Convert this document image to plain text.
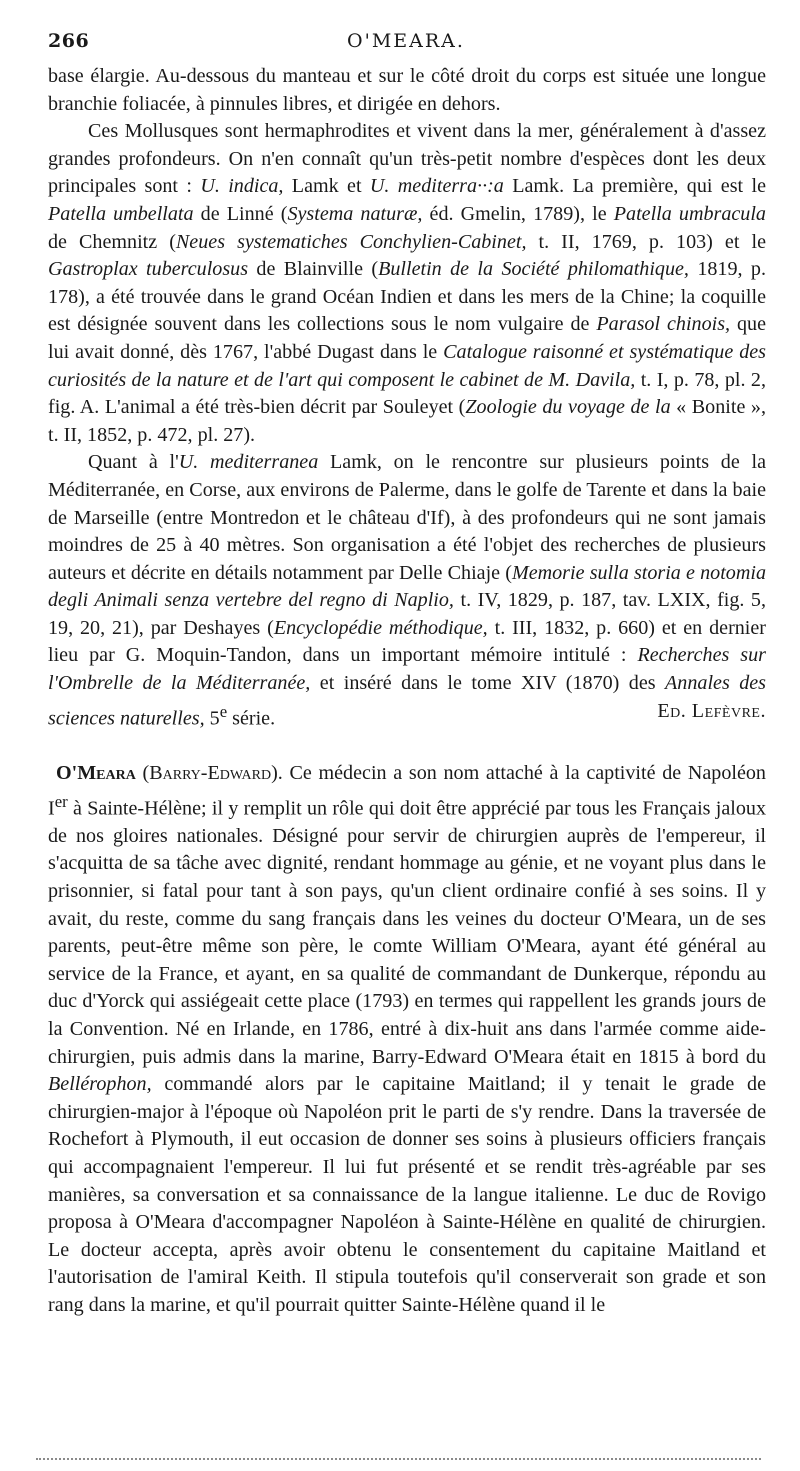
266	O'MEARA.

base élargie. Au-dessous du manteau et sur le côté droit du corps est située une longue branchie foliacée, à pinnules libres, et dirigée en dehors.

Ces Mollusques sont hermaphrodites et vivent dans la mer, généralement à d'assez grandes profondeurs. On n'en connaît qu'un très-petit nombre d'espèces dont les deux principales sont : U. indica, Lamk et U. mediterra··:a Lamk. La première, qui est le Patella umbellata de Linné (Systema naturæ, éd. Gmelin, 1789), le Patella umbracula de Chemnitz (Neues systematiches Conchylien-Cabinet, t. II, 1769, p. 103) et le Gastroplax tuberculosus de Blainville (Bulletin de la Société philomathique, 1819, p. 178), a été trouvée dans le grand Océan Indien et dans les mers de la Chine; la coquille est désignée souvent dans les collections sous le nom vulgaire de Parasol chinois, que lui avait donné, dès 1767, l'abbé Dugast dans le Catalogue raisonné et systématique des curiosités de la nature et de l'art qui composent le cabinet de M. Davila, t. I, p. 78, pl. 2, fig. A. L'animal a été très-bien décrit par Souleyet (Zoologie du voyage de la « Bonite », t. II, 1852, p. 472, pl. 27).

Quant à l'U. mediterranea Lamk, on le rencontre sur plusieurs points de la Méditerranée, en Corse, aux environs de Palerme, dans le golfe de Tarente et dans la baie de Marseille (entre Montredon et le château d'If), à des profondeurs qui ne sont jamais moindres de 25 à 40 mètres. Son organisation a été l'objet des recherches de plusieurs auteurs et décrite en détails notamment par Delle Chiaje (Memorie sulla storia e notomia degli Animali senza vertebre del regno di Naplio, t. IV, 1829, p. 187, tav. LXIX, fig. 5, 19, 20, 21), par Deshayes (Encyclopédie méthodique, t. III, 1832, p. 660) et en dernier lieu par G. Moquin-Tandon, dans un important mémoire intitulé : Recherches sur l'Ombrelle de la Méditerranée, et inséré dans le tome XIV (1870) des Annales des sciences naturelles, 5e série.	Ed. Lefèvre.

O'Meara (Barry-Edward). Ce médecin a son nom attaché à la captivité de Napoléon Ier à Sainte-Hélène; il y remplit un rôle qui doit être apprécié par tous les Français jaloux de nos gloires nationales. Désigné pour servir de chirurgien auprès de l'empereur, il s'acquitta de sa tâche avec dignité, rendant hommage au génie, et ne voyant plus dans le prisonnier, si fatal pour tant à son pays, qu'un client ordinaire confié à ses soins. Il y avait, du reste, comme du sang français dans les veines du docteur O'Meara, un de ses parents, peut-être même son père, le comte William O'Meara, ayant été général au service de la France, et ayant, en sa qualité de commandant de Dunkerque, répondu au duc d'Yorck qui assiégeait cette place (1793) en termes qui rappellent les grands jours de la Convention. Né en Irlande, en 1786, entré à dix-huit ans dans l'armée comme aide-chirurgien, puis admis dans la marine, Barry-Edward O'Meara était en 1815 à bord du Bellérophon, commandé alors par le capitaine Maitland; il y tenait le grade de chirurgien-major à l'époque où Napoléon prit le parti de s'y rendre. Dans la traversée de Rochefort à Plymouth, il eut occasion de donner ses soins à plusieurs officiers français qui accompagnaient l'empereur. Il lui fut présenté et se rendit très-agréable par ses manières, sa conversation et sa connaissance de la langue italienne. Le duc de Rovigo proposa à O'Meara d'accompagner Napoléon à Sainte-Hélène en qualité de chirurgien. Le docteur accepta, après avoir obtenu le consentement du capitaine Maitland et l'autorisation de l'amiral Keith. Il stipula toutefois qu'il conserverait son grade et son rang dans la marine, et qu'il pourrait quitter Sainte-Hélène quand il le
